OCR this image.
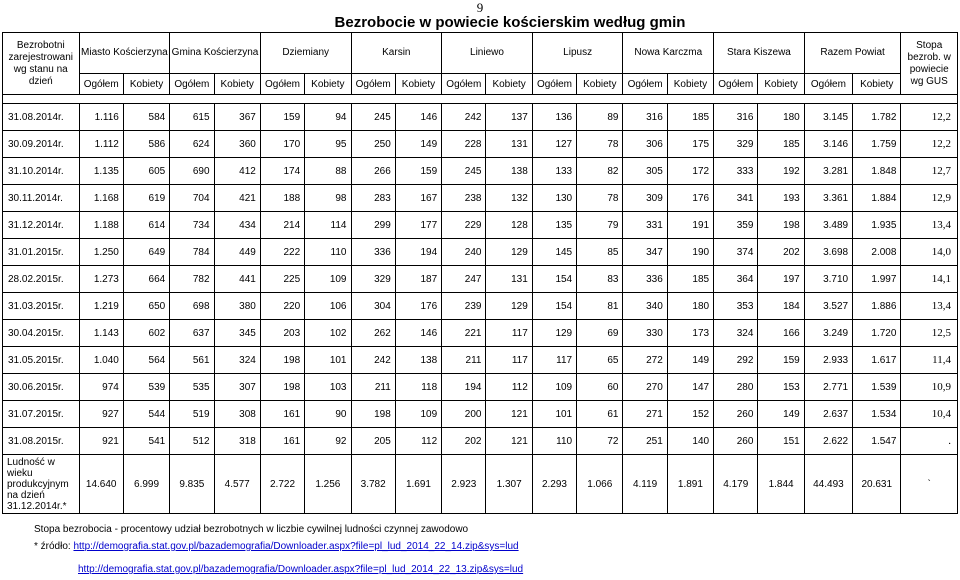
9
Bezrobocie w powiecie kościerskim według gmin
Bezrobotni zarejestrowani wg stanu na dzień	Miasto Kościerzyna		Gmina Kościerzyna		Dziemiany		Karsin		Liniewo		Lipusz		Nowa Karczma		Stara Kiszewa		Razem Powiat		Stopa bezrob. w powiecie wg GUS
	Ogółem	Kobiety	Ogółem	Kobiety	Ogółem	Kobiety	Ogółem	Kobiety	Ogółem	Kobiety	Ogółem	Kobiety	Ogółem	Kobiety	Ogółem	Kobiety	Ogółem	Kobiety	

31.08.2014r.	1.116	584	615	367	159	94	245	146	242	137	136	89	316	185	316	180	3.145	1.782	12,2
30.09.2014r.	1.112	586	624	360	170	95	250	149	228	131	127	78	306	175	329	185	3.146	1.759	12,2
31.10.2014r.	1.135	605	690	412	174	88	266	159	245	138	133	82	305	172	333	192	3.281	1.848	12,7
30.11.2014r.	1.168	619	704	421	188	98	283	167	238	132	130	78	309	176	341	193	3.361	1.884	12,9
31.12.2014r.	1.188	614	734	434	214	114	299	177	229	128	135	79	331	191	359	198	3.489	1.935	13,4
31.01.2015r.	1.250	649	784	449	222	110	336	194	240	129	145	85	347	190	374	202	3.698	2.008	14,0
28.02.2015r.	1.273	664	782	441	225	109	329	187	247	131	154	83	336	185	364	197	3.710	1.997	14,1
31.03.2015r.	1.219	650	698	380	220	106	304	176	239	129	154	81	340	180	353	184	3.527	1.886	13,4
30.04.2015r.	1.143	602	637	345	203	102	262	146	221	117	129	69	330	173	324	166	3.249	1.720	12,5
31.05.2015r.	1.040	564	561	324	198	101	242	138	211	117	117	65	272	149	292	159	2.933	1.617	11,4
30.06.2015r.	974	539	535	307	198	103	211	118	194	112	109	60	270	147	280	153	2.771	1.539	10,9
31.07.2015r.	927	544	519	308	161	90	198	109	200	121	101	61	271	152	260	149	2.637	1.534	10,4
31.08.2015r.	921	541	512	318	161	92	205	112	202	121	110	72	251	140	260	151	2.622	1.547	.
Ludność w wieku produkcyjnym na dzień 31.12.2014r.*	14.640	6.999	9.835	4.577	2.722	1.256	3.782	1.691	2.923	1.307	2.293	1.066	4.119	1.891	4.179	1.844	44.493	20.631	`
Stopa bezrobocia - procentowy udział bezrobotnych w liczbie cywilnej ludności czynnej zawodowo
* źródło: http://demografia.stat.gov.pl/bazademografia/Downloader.aspx?file=pl_lud_2014_22_14.zip&sys=lud
http://demografia.stat.gov.pl/bazademografia/Downloader.aspx?file=pl_lud_2014_22_13.zip&sys=lud
